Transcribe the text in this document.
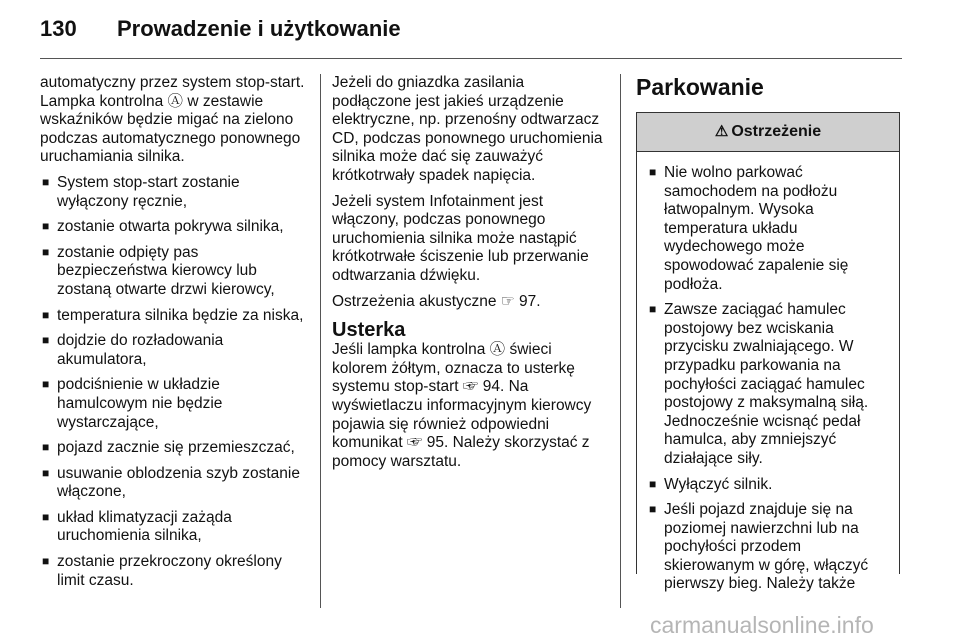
130 Prowadzenie i użytkowanie

automatyczny przez system stop-start. Lampka kontrolna Ⓐ w zestawie wskaźników będzie migać na zielono podczas automatycznego ponownego uruchamiania silnika.

■ System stop-start zostanie wyłączony ręcznie,
■ zostanie otwarta pokrywa silnika,
■ zostanie odpięty pas bezpieczeństwa kierowcy lub zostaną otwarte drzwi kierowcy,
■ temperatura silnika będzie za niska,
■ dojdzie do rozładowania akumulatora,
■ podciśnienie w układzie hamulcowym nie będzie wystarczające,
■ pojazd zacznie się przemieszczać,
■ usuwanie oblodzenia szyb zostanie włączone,
■ układ klimatyzacji zażąda uruchomienia silnika,
■ zostanie przekroczony określony limit czasu.

Jeżeli do gniazdka zasilania podłączone jest jakieś urządzenie elektryczne, np. przenośny odtwarzacz CD, podczas ponownego uruchomienia silnika może dać się zauważyć krótkotrwały spadek napięcia.

Jeżeli system Infotainment jest włączony, podczas ponownego uruchomienia silnika może nastąpić krótkotrwałe ściszenie lub przerwanie odtwarzania dźwięku.

Ostrzeżenia akustyczne ☞ 97.

Usterka

Jeśli lampka kontrolna Ⓐ świeci kolorem żółtym, oznacza to usterkę systemu stop-start ☞ 94. Na wyświetlaczu informacyjnym kierowcy pojawia się również odpowiedni komunikat ☞ 95. Należy skorzystać z pomocy warsztatu.

Parkowanie
⚠ Ostrzeżenie
■ Nie wolno parkować samochodem na podłożu łatwopalnym. Wysoka temperatura układu wydechowego może spowodować zapalenie się podłoża.
■ Zawsze zaciągać hamulec postojowy bez wciskania przycisku zwalniającego. W przypadku parkowania na pochyłości zaciągać hamulec postojowy z maksymalną siłą. Jednocześnie wcisnąć pedał hamulca, aby zmniejszyć działające siły.
■ Wyłączyć silnik.
■ Jeśli pojazd znajduje się na poziomej nawierzchni lub na pochyłości przodem skierowanym w górę, włączyć pierwszy bieg. Należy także
carmanualsonline.info
